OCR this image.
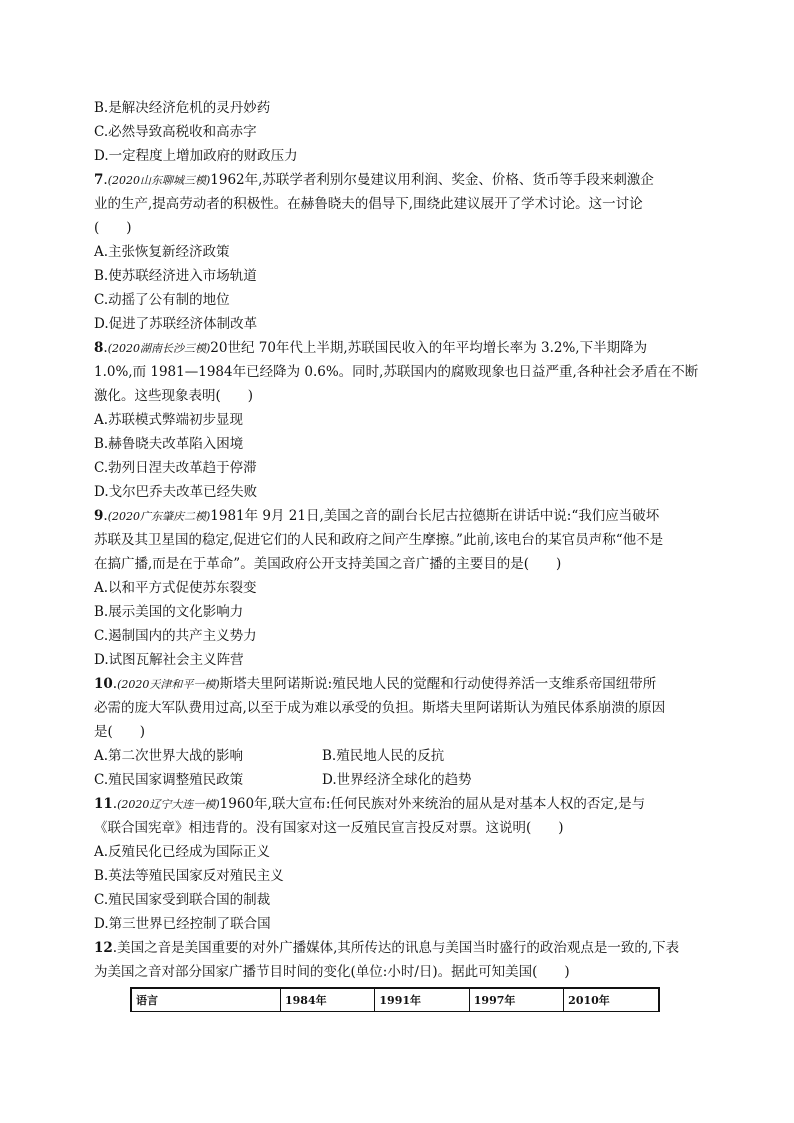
B.是解决经济危机的灵丹妙药
C.必然导致高税收和高赤字
D.一定程度上增加政府的财政压力
7.(2020山东聊城三模)1962年,苏联学者利别尔曼建议用利润、奖金、价格、货币等手段来刺激企
业的生产,提高劳动者的积极性。在赫鲁晓夫的倡导下,围绕此建议展开了学术讨论。这一讨论
(　　)
A.主张恢复新经济政策
B.使苏联经济进入市场轨道
C.动摇了公有制的地位
D.促进了苏联经济体制改革
8.(2020湖南长沙三模)20世纪 70年代上半期,苏联国民收入的年平均增长率为 3.2%,下半期降为
1.0%,而 1981—1984年已经降为 0.6%。同时,苏联国内的腐败现象也日益严重,各种社会矛盾在不断
激化。这些现象表明(　　)
A.苏联模式弊端初步显现
B.赫鲁晓夫改革陷入困境
C.勃列日涅夫改革趋于停滞
D.戈尔巴乔夫改革已经失败
9.(2020广东肇庆二模)1981年 9月 21日,美国之音的副台长尼古拉德斯在讲话中说:“我们应当破坏
苏联及其卫星国的稳定,促进它们的人民和政府之间产生摩擦。”此前,该电台的某官员声称“他不是
在搞广播,而是在于革命”。美国政府公开支持美国之音广播的主要目的是(　　)
A.以和平方式促使苏东裂变
B.展示美国的文化影响力
C.遏制国内的共产主义势力
D.试图瓦解社会主义阵营
10.(2020天津和平一模)斯塔夫里阿诺斯说:殖民地人民的觉醒和行动使得养活一支维系帝国纽带所
必需的庞大军队费用过高,以至于成为难以承受的负担。斯塔夫里阿诺斯认为殖民体系崩溃的原因
是(　　)
A.第二次世界大战的影响	B.殖民地人民的反抗
C.殖民国家调整殖民政策	D.世界经济全球化的趋势
11.(2020辽宁大连一模)1960年,联大宣布:任何民族对外来统治的屈从是对基本人权的否定,是与
《联合国宪章》相违背的。没有国家对这一反殖民宣言投反对票。这说明(　　)
A.反殖民化已经成为国际正义
B.英法等殖民国家反对殖民主义
C.殖民国家受到联合国的制裁
D.第三世界已经控制了联合国
12.美国之音是美国重要的对外广播媒体,其所传达的讯息与美国当时盛行的政治观点是一致的,下表
为美国之音对部分国家广播节目时间的变化(单位:小时/日)。据此可知美国(　　)
语言	1984年	1991年	1997年	2010年
